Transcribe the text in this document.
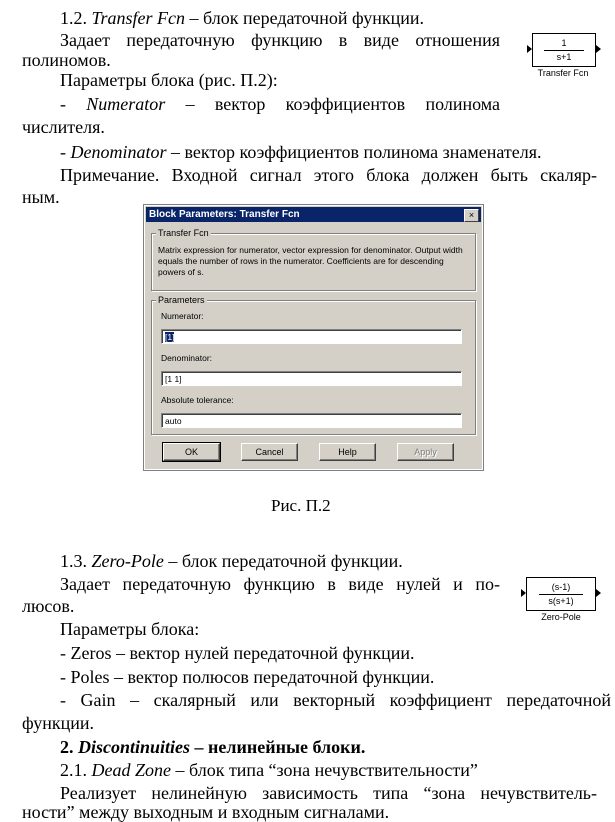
1.2. Transfer Fcn – блок передаточной функции.
Задает передаточную функцию в виде отношения
полиномов.
Параметры блока (рис. П.2):
- Numerator – вектор коэффициентов полинома
числителя.
- Denominator – вектор коэффициентов полинома знаменателя.
Примечание. Входной сигнал этого блока должен быть скаляр-
ным.
1
s+1
Transfer Fcn
Block Parameters: Transfer Fcn	×
Transfer Fcn
Matrix expression for numerator, vector expression for denominator. Output width equals the number of rows in the numerator. Coefficients are for descending powers of s.
Parameters
Numerator:
[1]
Denominator:
[1 1]
Absolute tolerance:
auto
OK	Cancel	Help	Apply
Рис. П.2
1.3. Zero-Pole – блок передаточной функции.
Задает передаточную функцию в виде нулей и по-
люсов.
Параметры блока:
- Zeros – вектор нулей передаточной функции.
- Poles – вектор полюсов передаточной функции.
- Gain – скалярный или векторный коэффициент передаточной
функции.
(s-1)
s(s+1)
Zero-Pole
2. Discontinuities – нелинейные блоки.
2.1. Dead Zone – блок типа “зона нечувствительности”
Реализует нелинейную зависимость типа “зона нечувствитель-
ности” между выходным и входным сигналами.
